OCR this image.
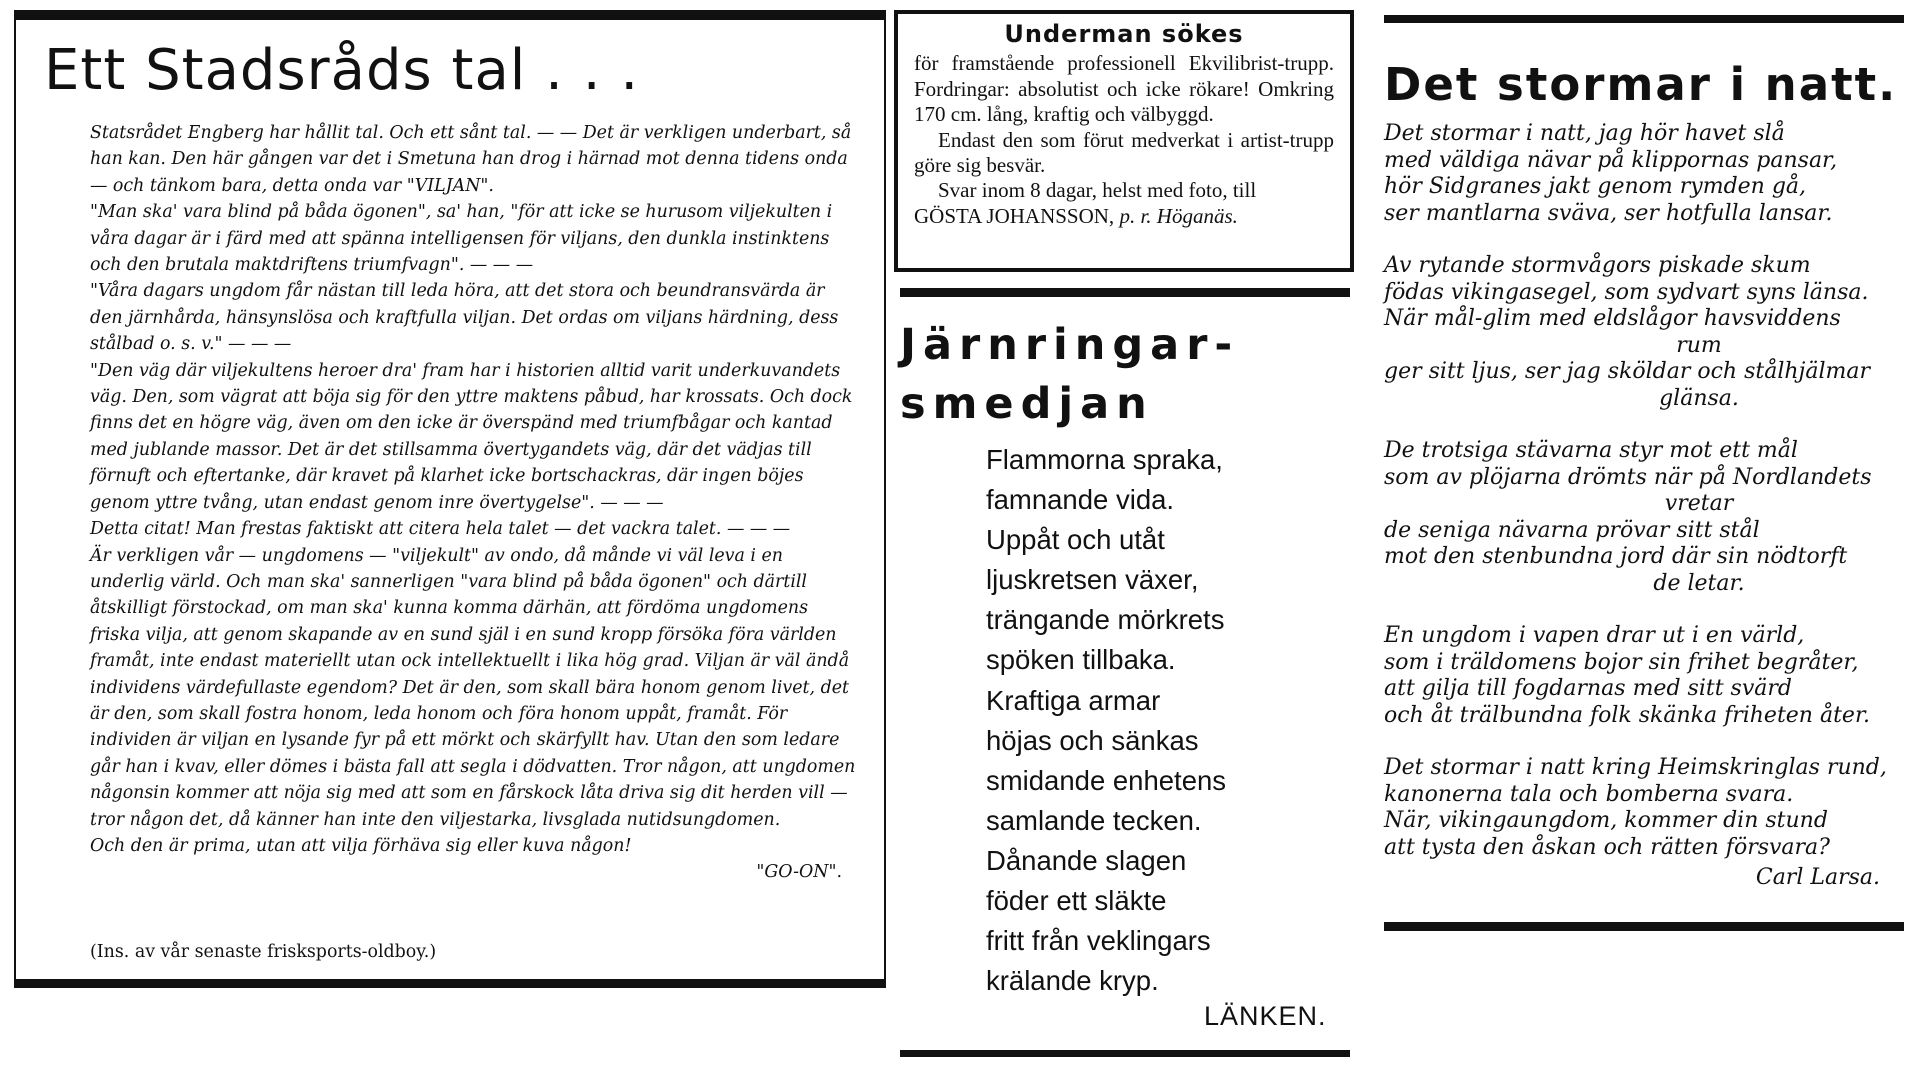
Ett Stadsråds tal . . .

Statsrådet Engberg har hållit tal. Och ett sånt tal. — — Det är verkligen underbart, så han kan. Den här gången var det i Smetuna han drog i härnad mot denna tidens onda — och tänkom bara, detta onda var "VILJAN".

"Man ska' vara blind på båda ögonen", sa' han, "för att icke se hurusom viljekulten i våra dagar är i färd med att spänna intelligensen för viljans, den dunkla instinktens och den brutala maktdriftens triumfvagn". — — —

"Våra dagars ungdom får nästan till leda höra, att det stora och beundransvärda är den järnhårda, hänsynslösa och kraftfulla viljan. Det ordas om viljans härdning, dess stålbad o. s. v." — — —

"Den väg där viljekultens heroer dra' fram har i historien alltid varit underkuvandets väg. Den, som vägrat att böja sig för den yttre maktens påbud, har krossats. Och dock finns det en högre väg, även om den icke är överspänd med triumfbågar och kantad med jublande massor. Det är det stillsamma övertygandets väg, där det vädjas till förnuft och eftertanke, där kravet på klarhet icke bortschackras, där ingen böjes genom yttre tvång, utan endast genom inre övertygelse". — — —

Detta citat! Man frestas faktiskt att citera hela talet — det vackra talet. — — —

Är verkligen vår — ungdomens — "viljekult" av ondo, då månde vi väl leva i en underlig värld. Och man ska' sannerligen "vara blind på båda ögonen" och därtill åtskilligt förstockad, om man ska' kunna komma därhän, att fördöma ungdomens friska vilja, att genom skapande av en sund själ i en sund kropp försöka föra världen framåt, inte endast materiellt utan ock intellektuellt i lika hög grad. Viljan är väl ändå individens värdefullaste egendom? Det är den, som skall bära honom genom livet, det är den, som skall fostra honom, leda honom och föra honom uppåt, framåt. För individen är viljan en lysande fyr på ett mörkt och skärfyllt hav. Utan den som ledare går han i kvav, eller dömes i bästa fall att segla i dödvatten. Tror någon, att ungdomen någonsin kommer att nöja sig med att som en fårskock låta driva sig dit herden vill — tror någon det, då känner han inte den viljestarka, livsglada nutidsungdomen.

Och den är prima, utan att vilja förhäva sig eller kuva någon!

"GO-ON".

(Ins. av vår senaste frisksports-oldboy.)
Underman sökes

för framstående professionell Ekvilibrist-trupp. Fordringar: absolutist och icke rökare! Omkring 170 cm. lång, kraftig och välbyggd.

Endast den som förut medverkat i artist-trupp göre sig besvär.

Svar inom 8 dagar, helst med foto, till

GÖSTA JOHANSSON, p. r. Höganäs.

Järnringar-
smedjan
Flammorna spraka,
famnande vida.
Uppåt och utåt
ljuskretsen växer,
trängande mörkrets
spöken tillbaka.
Kraftiga armar
höjas och sänkas
smidande enhetens
samlande tecken.
Dånande slagen
föder ett släkte
fritt från veklingars
krälande kryp.
LÄNKEN.
Det stormar i natt.
Det stormar i natt, jag hör havet slå
med väldiga nävar på klippornas pansar,
hör Sidgranes jakt genom rymden gå,
ser mantlarna sväva, ser hotfulla lansar.
Av rytande stormvågors piskade skum
födas vikingasegel, som sydvart syns länsa.
När mål-glim med eldslågor havsviddens
rum
ger sitt ljus, ser jag sköldar och stålhjälmar
glänsa.
De trotsiga stävarna styr mot ett mål
som av plöjarna drömts när på Nordlandets
vretar
de seniga nävarna prövar sitt stål
mot den stenbundna jord där sin nödtorft
de letar.
En ungdom i vapen drar ut i en värld,
som i träldomens bojor sin frihet begråter,
att gilja till fogdarnas med sitt svärd
och åt trälbundna folk skänka friheten åter.
Det stormar i natt kring Heimskringlas rund,
kanonerna tala och bomberna svara.
När, vikingaungdom, kommer din stund
att tysta den åskan och rätten försvara?
Carl Larsa.
